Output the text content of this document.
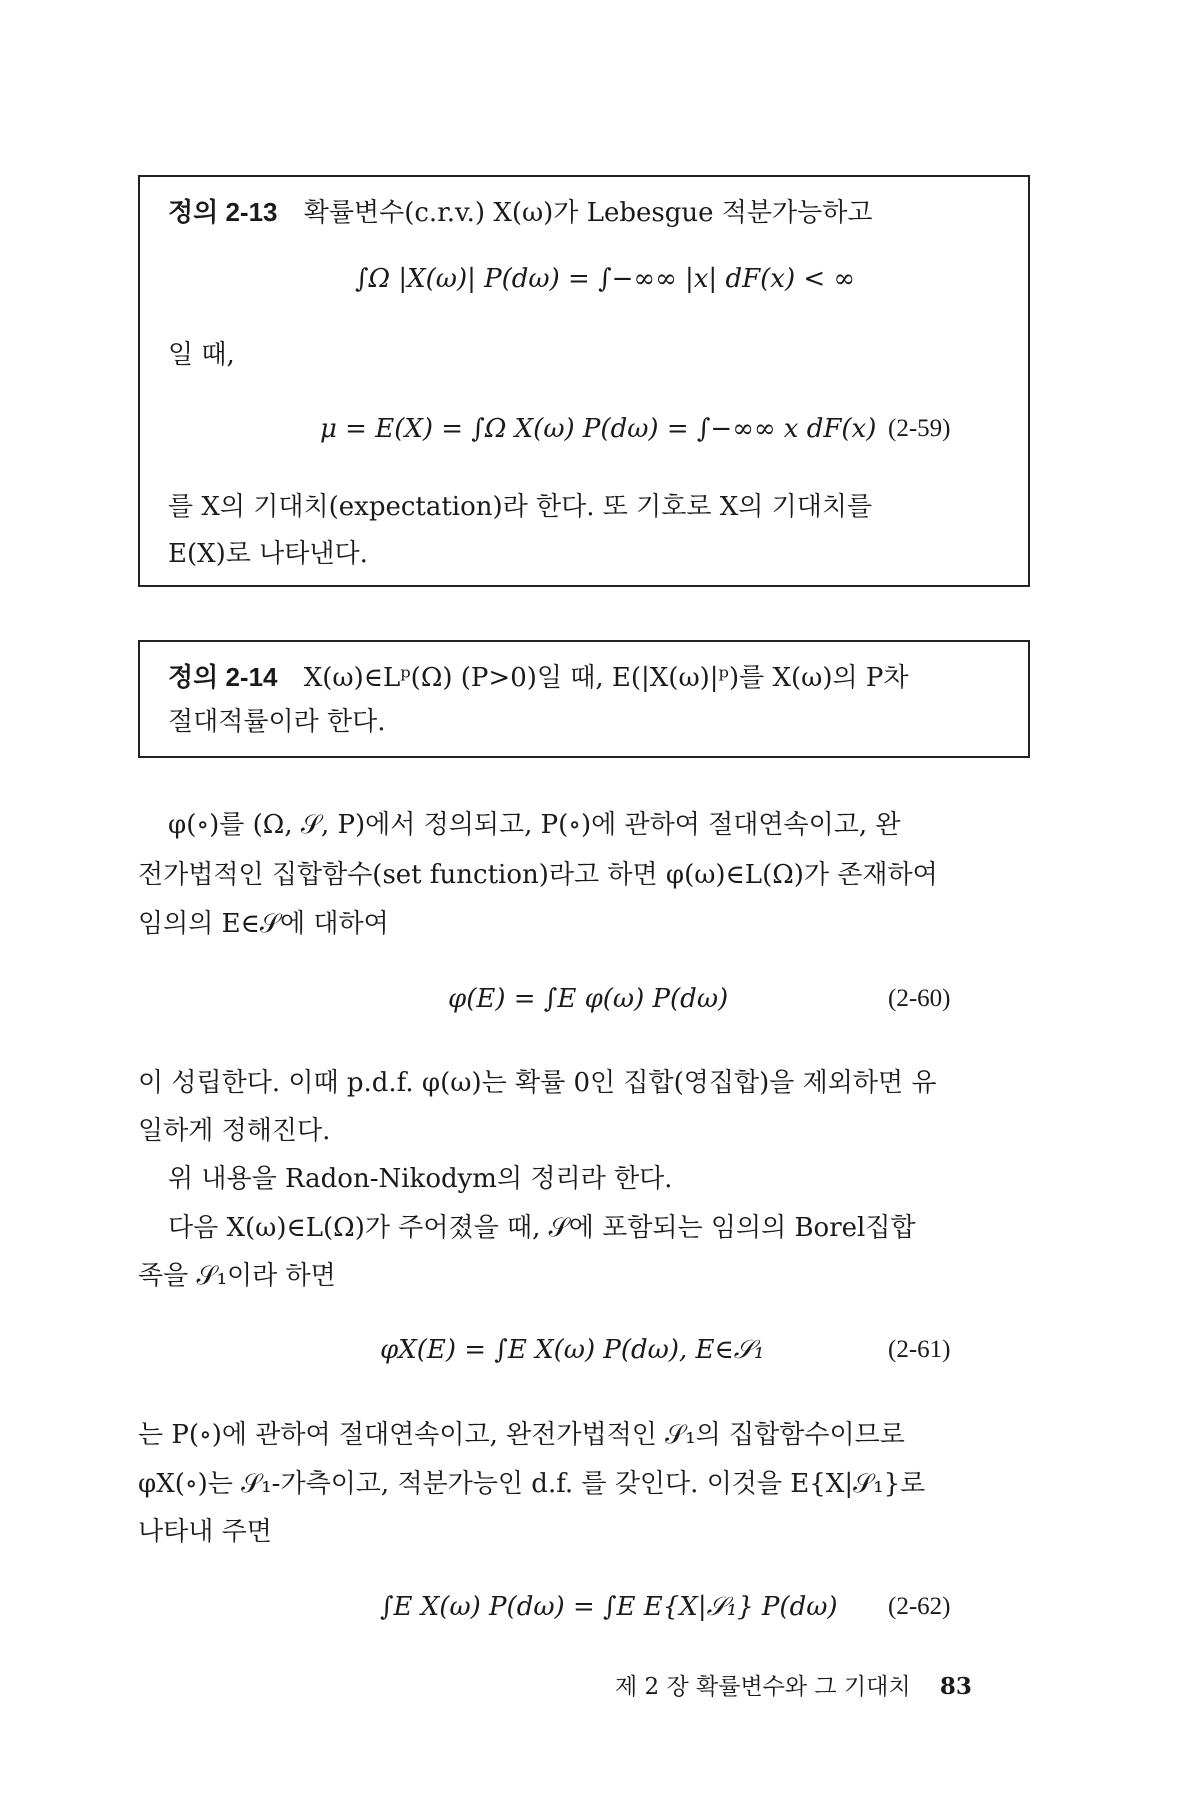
정의 2-13 확률변수(c.r.v.) X(ω)가 Lebesgue 적분가능하고
∫Ω |X(ω)| P(dω) = ∫−∞∞ |x| dF(x) < ∞
일 때,
μ = E(X) = ∫Ω X(ω) P(dω) = ∫−∞∞ x dF(x) (2-59)
를 X의 기대치(expectation)라 한다. 또 기호로 X의 기대치를
E(X)로 나타낸다.
정의 2-14 X(ω)∈Lᵖ(Ω) (P>0)일 때, E(|X(ω)|ᵖ)를 X(ω)의 P차
절대적률이라 한다.
φ(∘)를 (Ω, 𝒮, P)에서 정의되고, P(∘)에 관하여 절대연속이고, 완
전가법적인 집합함수(set function)라고 하면 φ(ω)∈L(Ω)가 존재하여
임의의 E∈𝒮에 대하여
φ(E) = ∫E φ(ω) P(dω)	(2-60)
이 성립한다. 이때 p.d.f. φ(ω)는 확률 0인 집합(영집합)을 제외하면 유
일하게 정해진다.
위 내용을 Radon-Nikodym의 정리라 한다.
다음 X(ω)∈L(Ω)가 주어졌을 때, 𝒮에 포함되는 임의의 Borel집합
족을 𝒮₁이라 하면
φX(E) = ∫E X(ω) P(dω), E∈𝒮₁	(2-61)
는 P(∘)에 관하여 절대연속이고, 완전가법적인 𝒮₁의 집합함수이므로
φX(∘)는 𝒮₁-가측이고, 적분가능인 d.f. 를 갖인다. 이것을 E{X|𝒮₁}로
나타내 주면
∫E X(ω) P(dω) = ∫E E{X|𝒮₁} P(dω) (2-62)
제 2 장 확률변수와 그 기대치 83
